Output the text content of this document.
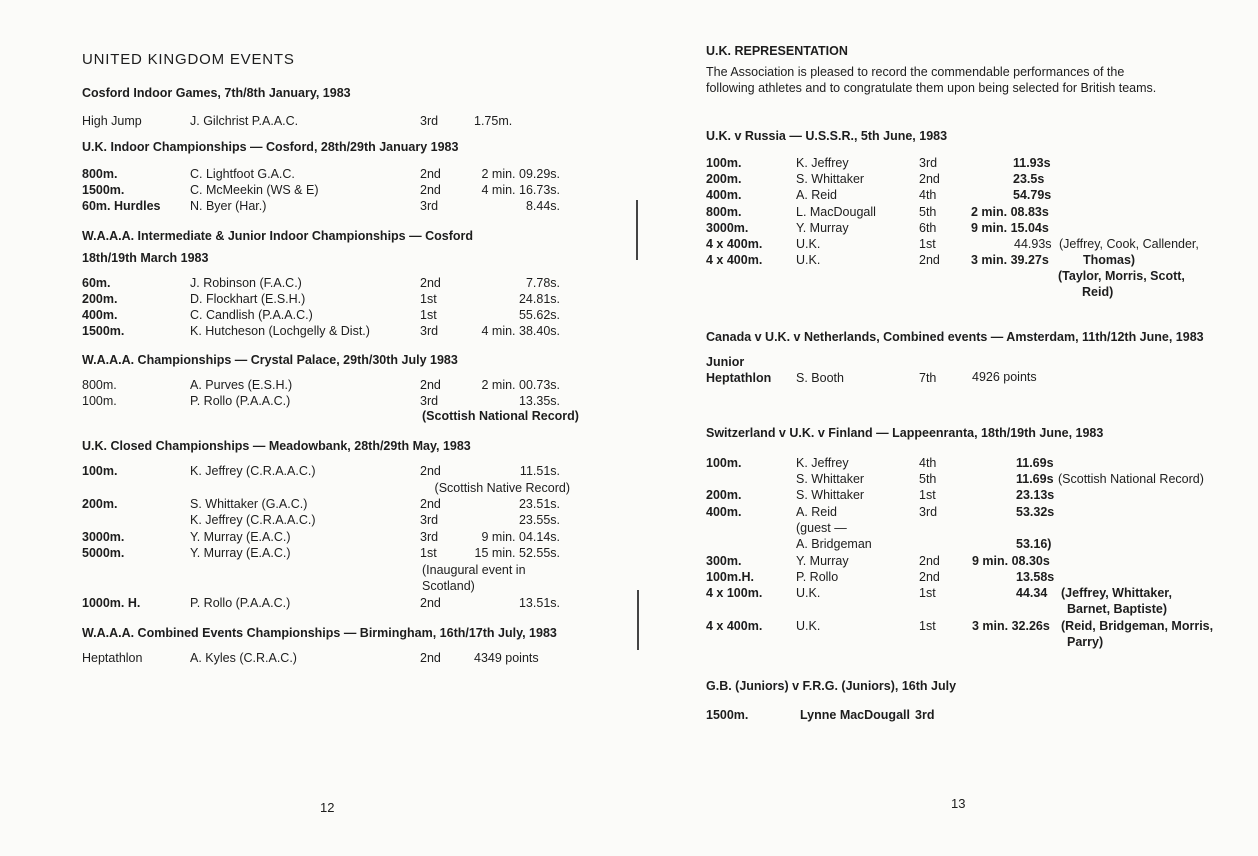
UNITED KINGDOM EVENTS
12
Cosford Indoor Games, 7th/8th January, 1983
High Jump	J. Gilchrist P.A.A.C.	3rd	1.75m.
U.K. Indoor Championships — Cosford, 28th/29th January 1983
800m.	C. Lightfoot G.A.C.	2nd	2 min. 09.29s.
1500m.	C. McMeekin (WS & E)	2nd	4 min. 16.73s.
60m. Hurdles N. Byer (Har.)	3rd	8.44s.
W.A.A.A. Intermediate & Junior Indoor Championships — Cosford
18th/19th March 1983
60m.	J. Robinson (F.A.C.)	2nd	7.78s.
200m.	D. Flockhart (E.S.H.)	1st	24.81s.
400m.	C. Candlish (P.A.A.C.)	1st	55.62s.
1500m.	K. Hutcheson (Lochgelly & Dist.)	3rd	4 min. 38.40s.
W.A.A.A. Championships — Crystal Palace, 29th/30th July 1983
800m.	A. Purves (E.S.H.)	2nd	2 min. 00.73s.
100m.	P. Rollo (P.A.A.C.)	3rd	13.35s.
(Scottish National Record)
U.K. Closed Championships — Meadowbank, 28th/29th May, 1983
100m.	K. Jeffrey (C.R.A.A.C.)	2nd	11.51s.
(Scottish Native Record)
200m.	S. Whittaker (G.A.C.)	2nd	23.51s.
K. Jeffrey (C.R.A.A.C.)	3rd	23.55s.
3000m.	Y. Murray (E.A.C.)	3rd	9 min. 04.14s.
5000m.	Y. Murray (E.A.C.)	1st	15 min. 52.55s.
(Inaugural event in
Scotland)
1000m. H.	P. Rollo (P.A.A.C.)	2nd	13.51s.
W.A.A.A. Combined Events Championships — Birmingham, 16th/17th July, 1983
Heptathlon	A. Kyles (C.R.A.C.)	2nd	4349 points
U.K. REPRESENTATION
The Association is pleased to record the commendable performances of the
following athletes and to congratulate them upon being selected for British teams.
13
U.K. v Russia — U.S.S.R., 5th June, 1983
100m.	K. Jeffrey	3rd	11.93s
200m.	S. Whittaker	2nd	23.5s
400m.	A. Reid	4th	54.79s
800m.	L. MacDougall	5th	2 min. 08.83s
3000m.	Y. Murray	6th	9 min. 15.04s
4 x 400m.	U.K.	1st	44.93s (Jeffrey, Cook, Callender,
4 x 400m.	U.K.	2nd 3 min. 39.27s	Thomas)
(Taylor, Morris, Scott,
Reid)
Canada v U.K. v Netherlands, Combined events — Amsterdam, 11th/12th June, 1983
Junior
Heptathlon S. Booth	7th	4926 points
Switzerland v U.K. v Finland — Lappeenranta, 18th/19th June, 1983
100m.	K. Jeffrey	4th	11.69s
S. Whittaker	5th	11.69s (Scottish National Record)
200m.	S. Whittaker	1st	23.13s
400m.	A. Reid	3rd	53.32s
(guest —
A. Bridgeman	53.16)
300m.	Y. Murray	2nd	9 min. 08.30s
100m.H.	P. Rollo	2nd	13.58s
4 x 100m.	U.K.	1st	44.34 (Jeffrey, Whittaker,
Barnet, Baptiste)
4 x 400m.	U.K.	1st	3 min. 32.26s (Reid, Bridgeman, Morris,
Parry)
G.B. (Juniors) v F.R.G. (Juniors), 16th July
1500m.	Lynne MacDougall 3rd
